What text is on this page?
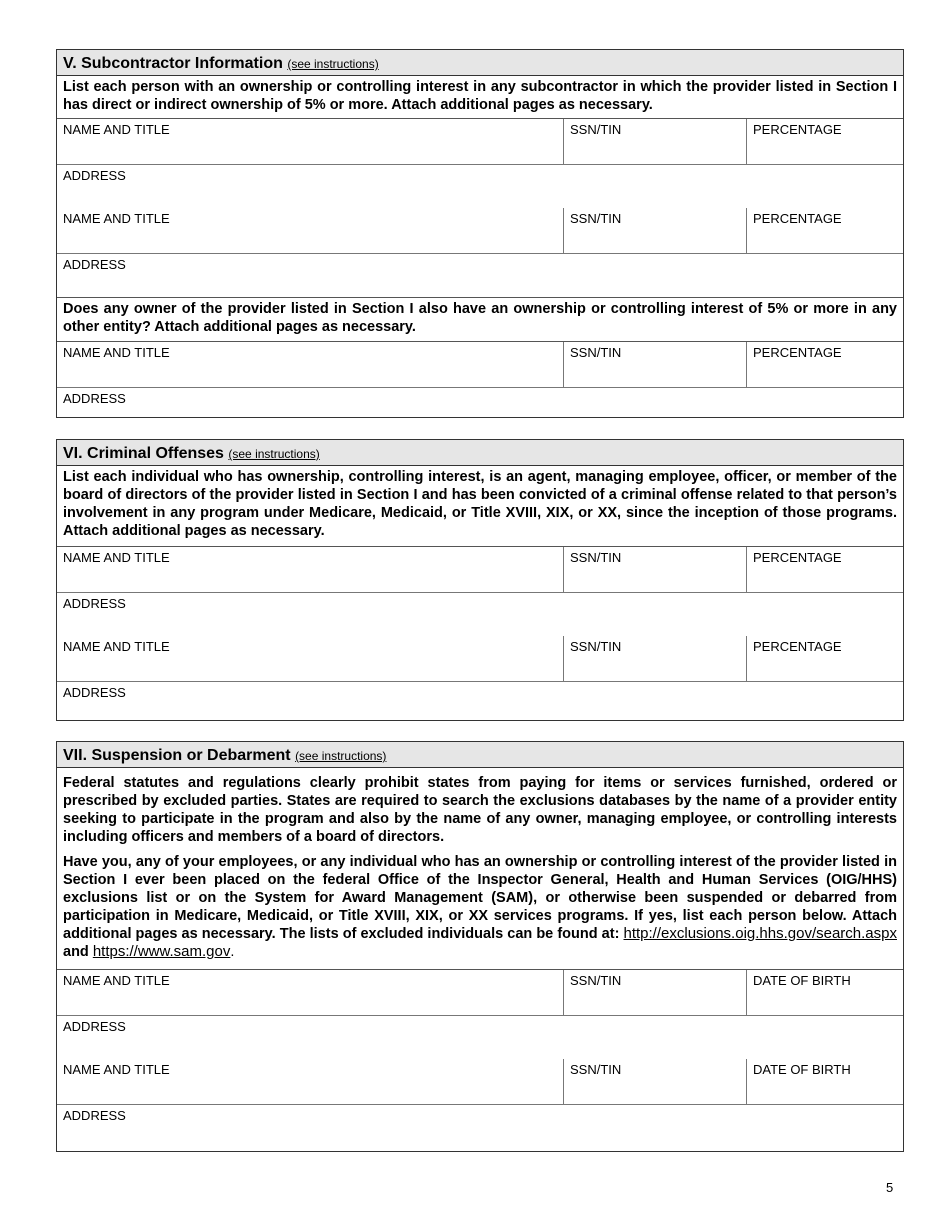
V. Subcontractor Information (see instructions)
List each person with an ownership or controlling interest in any subcontractor in which the provider listed in Section I has direct or indirect ownership of 5% or more. Attach additional pages as necessary.
NAME AND TITLE	SSN/TIN	PERCENTAGE
ADDRESS
NAME AND TITLE	SSN/TIN	PERCENTAGE
ADDRESS
Does any owner of the provider listed in Section I also have an ownership or controlling interest of 5% or more in any other entity? Attach additional pages as necessary.
NAME AND TITLE	SSN/TIN	PERCENTAGE
ADDRESS
VI. Criminal Offenses (see instructions)
List each individual who has ownership, controlling interest, is an agent, managing employee, officer, or member of the board of directors of the provider listed in Section I and has been convicted of a criminal offense related to that person’s involvement in any program under Medicare, Medicaid, or Title XVIII, XIX, or XX, since the inception of those programs. Attach additional pages as necessary.
NAME AND TITLE	SSN/TIN	PERCENTAGE
ADDRESS
NAME AND TITLE	SSN/TIN	PERCENTAGE
ADDRESS
VII. Suspension or Debarment (see instructions)
Federal statutes and regulations clearly prohibit states from paying for items or services furnished, ordered or prescribed by excluded parties. States are required to search the exclusions databases by the name of a provider entity seeking to participate in the program and also by the name of any owner, managing employee, or controlling interests including officers and members of a board of directors.
Have you, any of your employees, or any individual who has an ownership or controlling interest of the provider listed in Section I ever been placed on the federal Office of the Inspector General, Health and Human Services (OIG/HHS) exclusions list or on the System for Award Management (SAM), or otherwise been suspended or debarred from participation in Medicare, Medicaid, or Title XVIII, XIX, or XX services programs. If yes, list each person below. Attach additional pages as necessary. The lists of excluded individuals can be found at: http://exclusions.oig.hhs.gov/search.aspx and https://www.sam.gov.
NAME AND TITLE	SSN/TIN	DATE OF BIRTH
ADDRESS
NAME AND TITLE	SSN/TIN	DATE OF BIRTH
ADDRESS
5
